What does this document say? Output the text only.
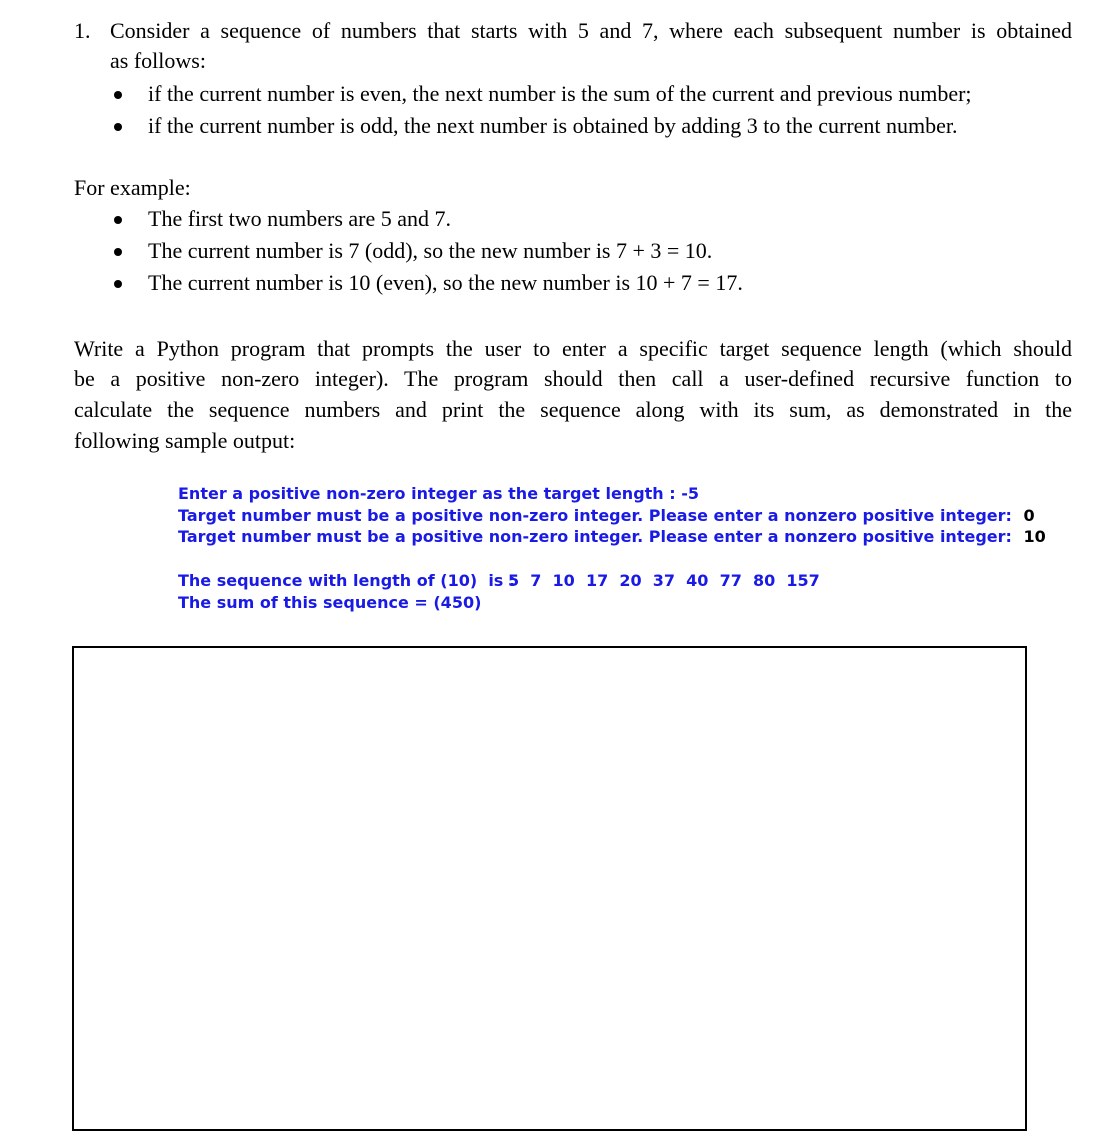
1. Consider a sequence of numbers that starts with 5 and 7, where each subsequent number is obtained
as follows:
if the current number is even, the next number is the sum of the current and previous number;
if the current number is odd, the next number is obtained by adding 3 to the current number.
For example:
The first two numbers are 5 and 7.
The current number is 7 (odd), so the new number is 7 + 3 = 10.
The current number is 10 (even), so the new number is 10 + 7 = 17.
Write a Python program that prompts the user to enter a specific target sequence length (which should
be a positive non-zero integer). The program should then call a user-defined recursive function to
calculate the sequence numbers and print the sequence along with its sum, as demonstrated in the
following sample output:
Enter a positive non-zero integer as the target length : -5
Target number must be a positive non-zero integer. Please enter a nonzero positive integer: 0
Target number must be a positive non-zero integer. Please enter a nonzero positive integer: 10
The sequence with length of (10)  is :
5  7  10  17  20  37  40  77  80  157
The sum of this sequence = (450)
